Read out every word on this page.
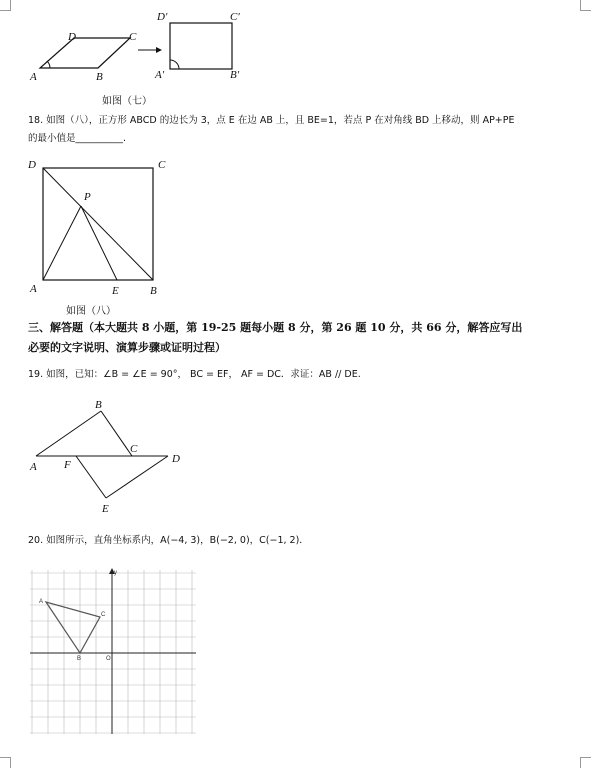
A	B
C
D
D′	C′
A′	B′
如图（七）
18. 如图（八），正方形 ABCD 的边长为 3，点 E 在边 AB 上，且 BE=1，若点 P 在对角线 BD 上移动，则 AP+PE
的最小值是__________.
D	C
P
A	E	B
如图（八）
三、解答题（本大题共 8 小题，第 19-25 题每小题 8 分，第 26 题 10 分，共 66 分，解答应写出
必要的文字说明、演算步骤或证明过程）
19. 如图，已知：∠B = ∠E = 90°， BC = EF， AF = DC．求证：AB // DE.
B
C
A F	D
E
20. 如图所示，直角坐标系内，A(−4, 3)，B(−2, 0)，C(−1, 2)．
y
A
C
B	O
